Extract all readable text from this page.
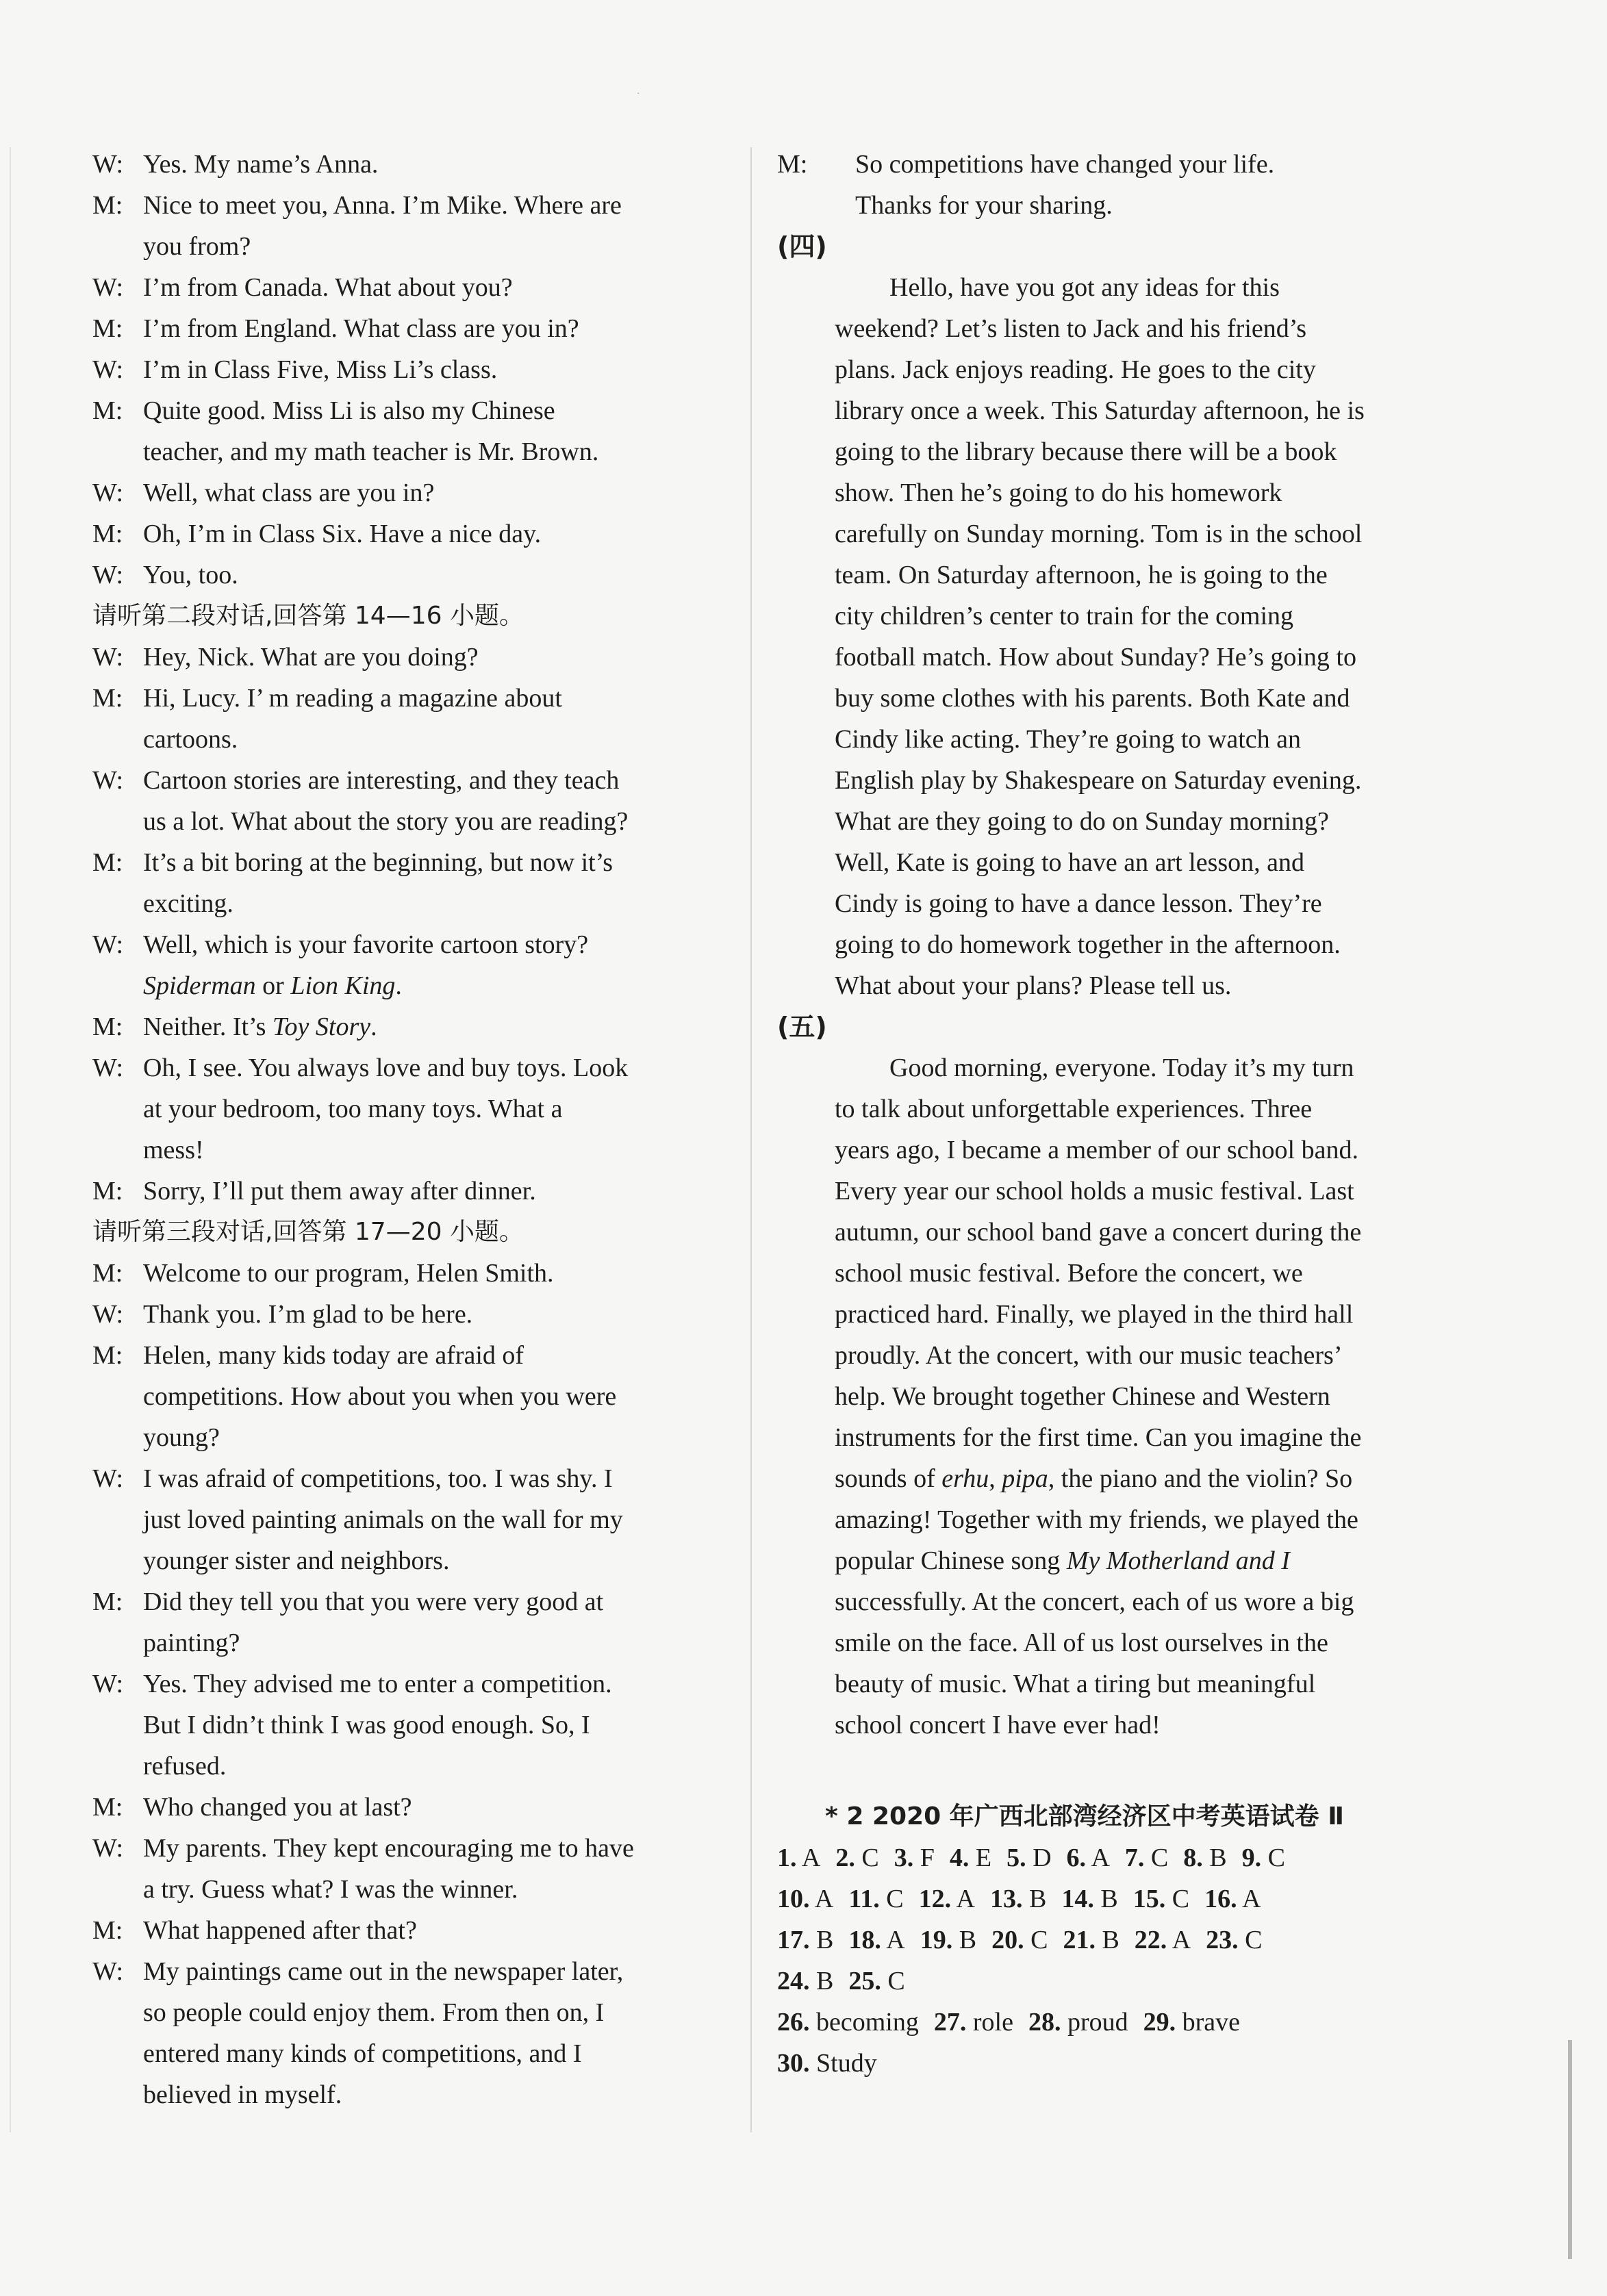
·
W: Yes. My name’s Anna.
M: Nice to meet you, Anna. I’m Mike. Where are
you from?
W: I’m from Canada. What about you?
M: I’m from England. What class are you in?
W: I’m in Class Five, Miss Li’s class.
M: Quite good. Miss Li is also my Chinese
teacher, and my math teacher is Mr. Brown.
W: Well, what class are you in?
M: Oh, I’m in Class Six. Have a nice day.
W: You, too.
请听第二段对话,回答第 14—16 小题。
W: Hey, Nick. What are you doing?
M: Hi, Lucy. I’ m reading a magazine about
cartoons.
W: Cartoon stories are interesting, and they teach
us a lot. What about the story you are reading?
M: It’s a bit boring at the beginning, but now it’s
exciting.
W: Well, which is your favorite cartoon story?
Spiderman or Lion King.
M: Neither. It’s Toy Story.
W: Oh, I see. You always love and buy toys. Look
at your bedroom, too many toys. What a
mess!
M: Sorry, I’ll put them away after dinner.
请听第三段对话,回答第 17—20 小题。
M: Welcome to our program, Helen Smith.
W: Thank you. I’m glad to be here.
M: Helen, many kids today are afraid of
competitions. How about you when you were
young?
W: I was afraid of competitions, too. I was shy. I
just loved painting animals on the wall for my
younger sister and neighbors.
M: Did they tell you that you were very good at
painting?
W: Yes. They advised me to enter a competition.
But I didn’t think I was good enough. So, I
refused.
M: Who changed you at last?
W: My parents. They kept encouraging me to have
a try. Guess what? I was the winner.
M: What happened after that?
W: My paintings came out in the newspaper later,
so people could enjoy them. From then on, I
entered many kinds of competitions, and I
believed in myself.
M:	So competitions have changed your life.
Thanks for your sharing.
(四)
Hello, have you got any ideas for this
weekend? Let’s listen to Jack and his friend’s
plans. Jack enjoys reading. He goes to the city
library once a week. This Saturday afternoon, he is
going to the library because there will be a book
show. Then he’s going to do his homework
carefully on Sunday morning. Tom is in the school
team. On Saturday afternoon, he is going to the
city children’s center to train for the coming
football match. How about Sunday? He’s going to
buy some clothes with his parents. Both Kate and
Cindy like acting. They’re going to watch an
English play by Shakespeare on Saturday evening.
What are they going to do on Sunday morning?
Well, Kate is going to have an art lesson, and
Cindy is going to have a dance lesson. They’re
going to do homework together in the afternoon.
What about your plans? Please tell us.
(五)
Good morning, everyone. Today it’s my turn
to talk about unforgettable experiences. Three
years ago, I became a member of our school band.
Every year our school holds a music festival. Last
autumn, our school band gave a concert during the
school music festival. Before the concert, we
practiced hard. Finally, we played in the third hall
proudly. At the concert, with our music teachers’
help. We brought together Chinese and Western
instruments for the first time. Can you imagine the
sounds of erhu, pipa, the piano and the violin? So
amazing! Together with my friends, we played the
popular Chinese song My Motherland and I
successfully. At the concert, each of us wore a big
smile on the face. All of us lost ourselves in the
beauty of music. What a tiring but meaningful
school concert I have ever had!
* 2 2020 年广西北部湾经济区中考英语试卷 Ⅱ
1. A 2. C 3. F 4. E 5. D 6. A 7. C 8. B 9. C
10. A 11. C 12. A 13. B 14. B 15. C 16. A
17. B 18. A 19. B 20. C 21. B 22. A 23. C
24. B 25. C
26. becoming 27. role 28. proud 29. brave
30. Study
